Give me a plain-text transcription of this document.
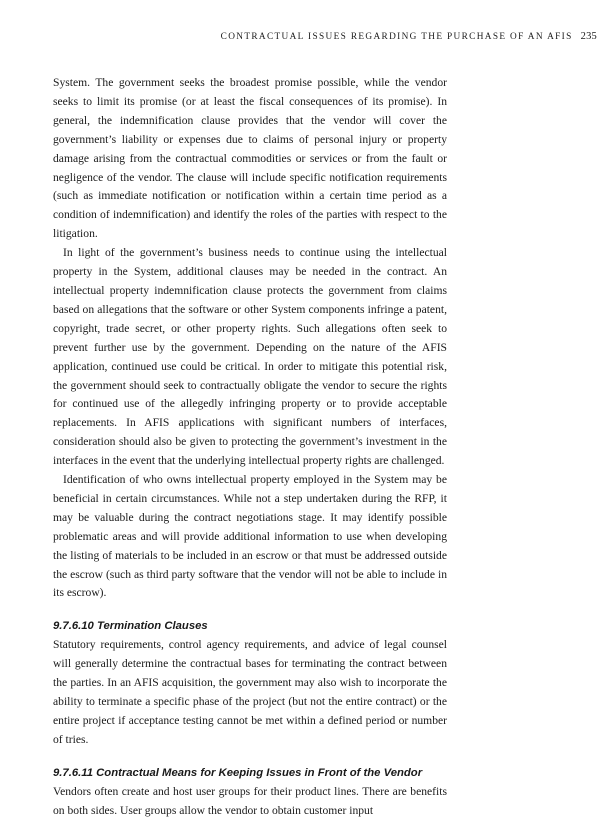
CONTRACTUAL ISSUES REGARDING THE PURCHASE OF AN AFIS 235

System. The government seeks the broadest promise possible, while the vendor seeks to limit its promise (or at least the fiscal consequences of its promise). In general, the indemnification clause provides that the vendor will cover the government’s liability or expenses due to claims of personal injury or property damage arising from the contractual commodities or services or from the fault or negligence of the vendor. The clause will include specific notification requirements (such as immediate notification or notification within a certain time period as a condition of indemnification) and identify the roles of the parties with respect to the litigation.

In light of the government’s business needs to continue using the intellectual property in the System, additional clauses may be needed in the contract. An intellectual property indemnification clause protects the government from claims based on allegations that the software or other System components infringe a patent, copyright, trade secret, or other property rights. Such allegations often seek to prevent further use by the government. Depending on the nature of the AFIS application, continued use could be critical. In order to mitigate this potential risk, the government should seek to contractually obligate the vendor to secure the rights for continued use of the allegedly infringing property or to provide acceptable replacements. In AFIS applications with significant numbers of interfaces, consideration should also be given to protecting the government’s investment in the interfaces in the event that the underlying intellectual property rights are challenged.

Identification of who owns intellectual property employed in the System may be beneficial in certain circumstances. While not a step undertaken during the RFP, it may be valuable during the contract negotiations stage. It may identify possible problematic areas and will provide additional information to use when developing the listing of materials to be included in an escrow or that must be addressed outside the escrow (such as third party software that the vendor will not be able to include in its escrow).

9.7.6.10 Termination Clauses

Statutory requirements, control agency requirements, and advice of legal counsel will generally determine the contractual bases for terminating the contract between the parties. In an AFIS acquisition, the government may also wish to incorporate the ability to terminate a specific phase of the project (but not the entire contract) or the entire project if acceptance testing cannot be met within a defined period or number of tries.

9.7.6.11 Contractual Means for Keeping Issues in Front of the Vendor

Vendors often create and host user groups for their product lines. There are benefits on both sides. User groups allow the vendor to obtain customer input
